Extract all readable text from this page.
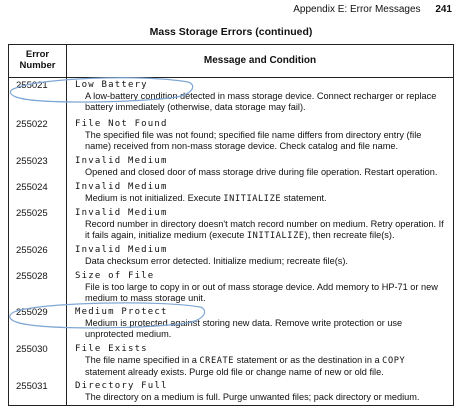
Appendix E: Error Messages 241
Mass Storage Errors (continued)
Error
Number	Message and Condition
255021	Low Battery
A low-battery condition detected in mass storage device. Connect recharger or replace battery immediately (otherwise, data storage may fail).
255022	File Not Found
The specified file was not found; specified file name differs from directory entry (file name) received from non-mass storage device. Check catalog and file name.
255023	Invalid Medium
Opened and closed door of mass storage drive during file operation. Restart operation.
255024	Invalid Medium
Medium is not initialized. Execute INITIALIZE statement.
255025	Invalid Medium
Record number in directory doesn't match record number on medium. Retry operation. If it fails again, initialize medium (execute INITIALIZE), then recreate file(s).
255026	Invalid Medium
Data checksum error detected. Initialize medium; recreate file(s).
255028	Size of File
File is too large to copy in or out of mass storage device. Add memory to HP-71 or new medium to mass storage unit.
255029	Medium Protect
Medium is protected against storing new data. Remove write protection or use unprotected medium.
255030	File Exists
The file name specified in a CREATE statement or as the destination in a COPY statement already exists. Purge old file or change name of new or old file.
255031	Directory Full
The directory on a medium is full. Purge unwanted files; pack directory or medium.
